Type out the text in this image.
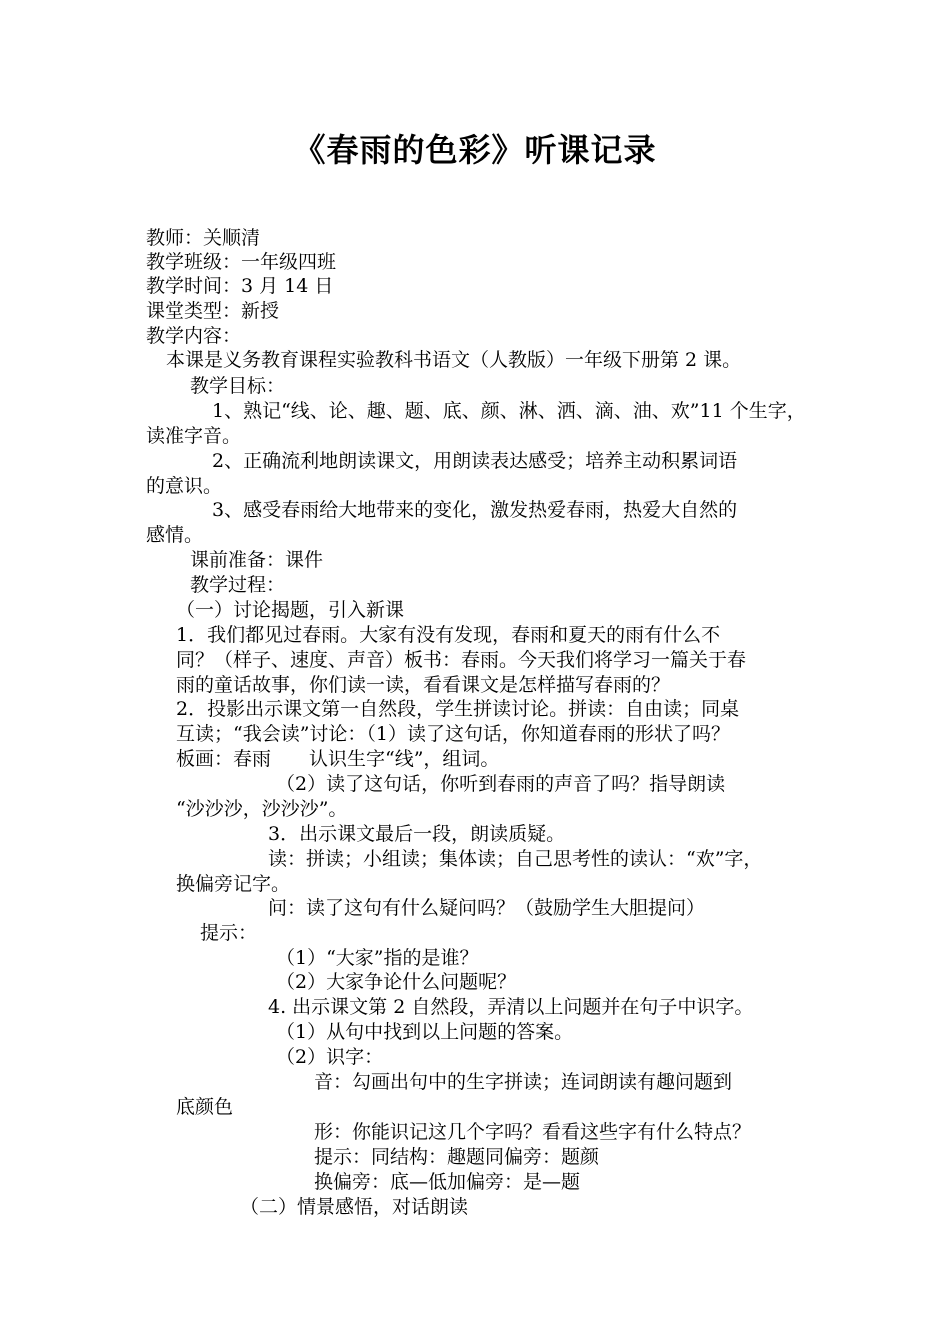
《春雨的色彩》听课记录
教师：关顺清
教学班级：一年级四班
教学时间：3 月 14 日
课堂类型：新授
教学内容：
本课是义务教育课程实验教科书语文（人教版）一年级下册第 2 课。
教学目标：
1、熟记“线、论、趣、题、底、颜、淋、洒、滴、油、欢”11 个生字，
读准字音。
2、正确流利地朗读课文，用朗读表达感受；培养主动积累词语
的意识。
3、感受春雨给大地带来的变化，激发热爱春雨，热爱大自然的
感情。
课前准备：课件
教学过程：
（一）讨论揭题，引入新课
1．我们都见过春雨。大家有没有发现，春雨和夏天的雨有什么不
同？（样子、速度、声音）板书：春雨。今天我们将学习一篇关于春
雨的童话故事，你们读一读，看看课文是怎样描写春雨的？
2．投影出示课文第一自然段，学生拼读讨论。拼读：自由读；同桌
互读；“我会读”讨论：（1）读了这句话，你知道春雨的形状了吗？
板画：春雨　　认识生字“线”，组词。
（2）读了这句话，你听到春雨的声音了吗？指导朗读
“沙沙沙，沙沙沙”。
3．出示课文最后一段，朗读质疑。
读：拼读；小组读；集体读；自己思考性的读认：“欢”字，
换偏旁记字。
问：读了这句有什么疑问吗？（鼓励学生大胆提问）
提示：
（1）“大家”指的是谁？
（2）大家争论什么问题呢？
4. 出示课文第 2 自然段，弄清以上问题并在句子中识字。
（1）从句中找到以上问题的答案。
（2）识字：
音：勾画出句中的生字拼读；连词朗读有趣问题到
底颜色
形：你能识记这几个字吗？看看这些字有什么特点？
提示：同结构：趣题同偏旁：题颜
换偏旁：底—低加偏旁：是—题
（二）情景感悟，对话朗读
